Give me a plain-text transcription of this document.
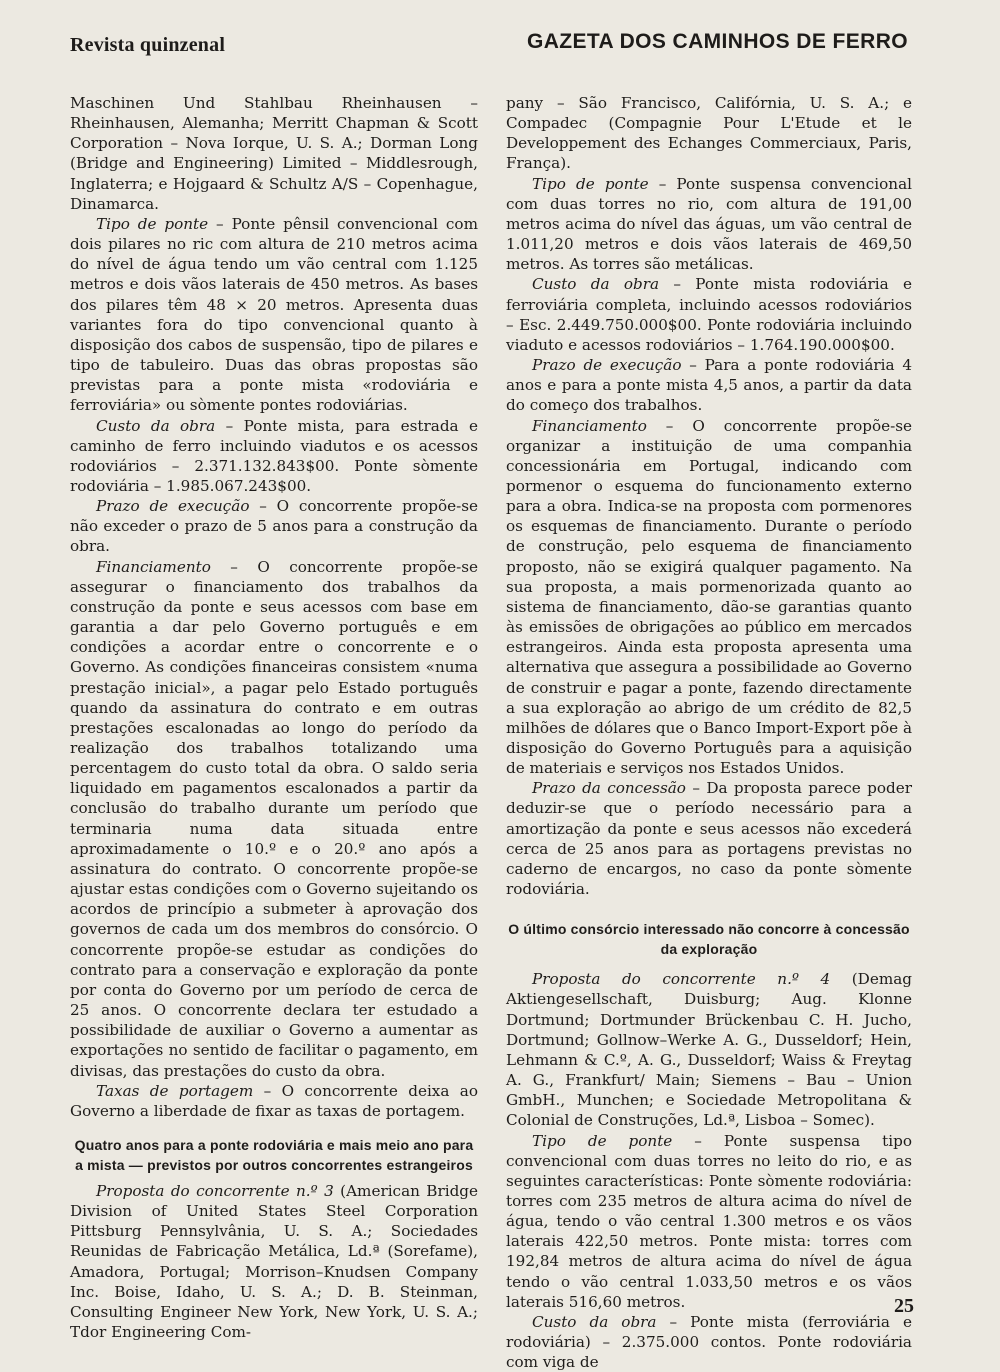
Revista quinzenal	GAZETA DOS CAMINHOS DE FERRO

Maschinen Und Stahlbau Rheinhausen – Rheinhausen, Alemanha; Merritt Chapman & Scott Corporation – Nova Iorque, U. S. A.; Dorman Long (Bridge and Engineering) Limited – Middlesrough, Inglaterra; e Hojgaard & Schultz A/S – Copenhague, Dinamarca.

Tipo de ponte – Ponte pênsil convencional com dois pilares no ric com altura de 210 metros acima do nível de água tendo um vão central com 1.125 metros e dois vãos laterais de 450 metros. As bases dos pilares têm 48 × 20 metros. Apresenta duas variantes fora do tipo convencional quanto à disposição dos cabos de suspensão, tipo de pilares e tipo de tabuleiro. Duas das obras propostas são previstas para a ponte mista «rodoviária e ferroviária» ou sòmente pontes rodoviárias.

Custo da obra – Ponte mista, para estrada e caminho de ferro incluindo viadutos e os acessos rodoviários – 2.371.132.843$00. Ponte sòmente rodoviária – 1.985.067.243$00.

Prazo de execução – O concorrente propõe-se não exceder o prazo de 5 anos para a construção da obra.

Financiamento – O concorrente propõe-se assegurar o financiamento dos trabalhos da construção da ponte e seus acessos com base em garantia a dar pelo Governo português e em condições a acordar entre o concorrente e o Governo. As condições financeiras consistem «numa prestação inicial», a pagar pelo Estado português quando da assinatura do contrato e em outras prestações escalonadas ao longo do período da realização dos trabalhos totalizando uma percentagem do custo total da obra. O saldo seria liquidado em pagamentos escalonados a partir da conclusão do trabalho durante um período que terminaria numa data situada entre aproximadamente o 10.º e o 20.º ano após a assinatura do contrato. O concorrente propõe-se ajustar estas condições com o Governo sujeitando os acordos de princípio a submeter à aprovação dos governos de cada um dos membros do consórcio. O concorrente propõe-se estudar as condições do contrato para a conservação e exploração da ponte por conta do Governo por um período de cerca de 25 anos. O concorrente declara ter estudado a possibilidade de auxiliar o Governo a aumentar as exportações no sentido de facilitar o pagamento, em divisas, das prestações do custo da obra.

Taxas de portagem – O concorrente deixa ao Governo a liberdade de fixar as taxas de portagem.

Quatro anos para a ponte rodoviária e mais meio ano para a mista — previstos por outros concorrentes estrangeiros

Proposta do concorrente n.º 3 (American Bridge Division of United States Steel Corporation Pittsburg Pennsylvânia, U. S. A.; Sociedades Reunidas de Fabricação Metálica, Ld.ª (Sorefame), Amadora, Portugal; Morrison–Knudsen Company Inc. Boise, Idaho, U. S. A.; D. B. Steinman, Consulting Engineer New York, New York, U. S. A.; Tdor Engineering Com-

pany – São Francisco, Califórnia, U. S. A.; e Compadec (Compagnie Pour L'Etude et le Developpement des Echanges Commerciaux, Paris, França).

Tipo de ponte – Ponte suspensa convencional com duas torres no rio, com altura de 191,00 metros acima do nível das águas, um vão central de 1.011,20 metros e dois vãos laterais de 469,50 metros. As torres são metálicas.

Custo da obra – Ponte mista rodoviária e ferroviária completa, incluindo acessos rodoviários – Esc. 2.449.750.000$00. Ponte rodoviária incluindo viaduto e acessos rodoviários – 1.764.190.000$00.

Prazo de execução – Para a ponte rodoviária 4 anos e para a ponte mista 4,5 anos, a partir da data do começo dos trabalhos.

Financiamento – O concorrente propõe-se organizar a instituição de uma companhia concessionária em Portugal, indicando com pormenor o esquema do funcionamento externo para a obra. Indica-se na proposta com pormenores os esquemas de financiamento. Durante o período de construção, pelo esquema de financiamento proposto, não se exigirá qualquer pagamento. Na sua proposta, a mais pormenorizada quanto ao sistema de financiamento, dão-se garantias quanto às emissões de obrigações ao público em mercados estrangeiros. Ainda esta proposta apresenta uma alternativa que assegura a possibilidade ao Governo de construir e pagar a ponte, fazendo directamente a sua exploração ao abrigo de um crédito de 82,5 milhões de dólares que o Banco Import-Export põe à disposição do Governo Português para a aquisição de materiais e serviços nos Estados Unidos.

Prazo da concessão – Da proposta parece poder deduzir-se que o período necessário para a amortização da ponte e seus acessos não excederá cerca de 25 anos para as portagens previstas no caderno de encargos, no caso da ponte sòmente rodoviária.

O último consórcio interessado não concorre à concessão da exploração

Proposta do concorrente n.º 4 (Demag Aktiengesellschaft, Duisburg; Aug. Klonne Dortmund; Dortmunder Brückenbau C. H. Jucho, Dortmund; Gollnow–Werke A. G., Dusseldorf; Hein, Lehmann & C.º, A. G., Dusseldorf; Waiss & Freytag A. G., Frankfurt/ Main; Siemens – Bau – Union GmbH., Munchen; e Sociedade Metropolitana & Colonial de Construções, Ld.ª, Lisboa – Somec).

Tipo de ponte – Ponte suspensa tipo convencional com duas torres no leito do rio, e as seguintes características: Ponte sòmente rodoviária: torres com 235 metros de altura acima do nível de água, tendo o vão central 1.300 metros e os vãos laterais 422,50 metros. Ponte mista: torres com 192,84 metros de altura acima do nível de água tendo o vão central 1.033,50 metros e os vãos laterais 516,60 metros.

Custo da obra – Ponte mista (ferroviária e rodoviária) – 2.375.000 contos. Ponte rodoviária com viga de

25
